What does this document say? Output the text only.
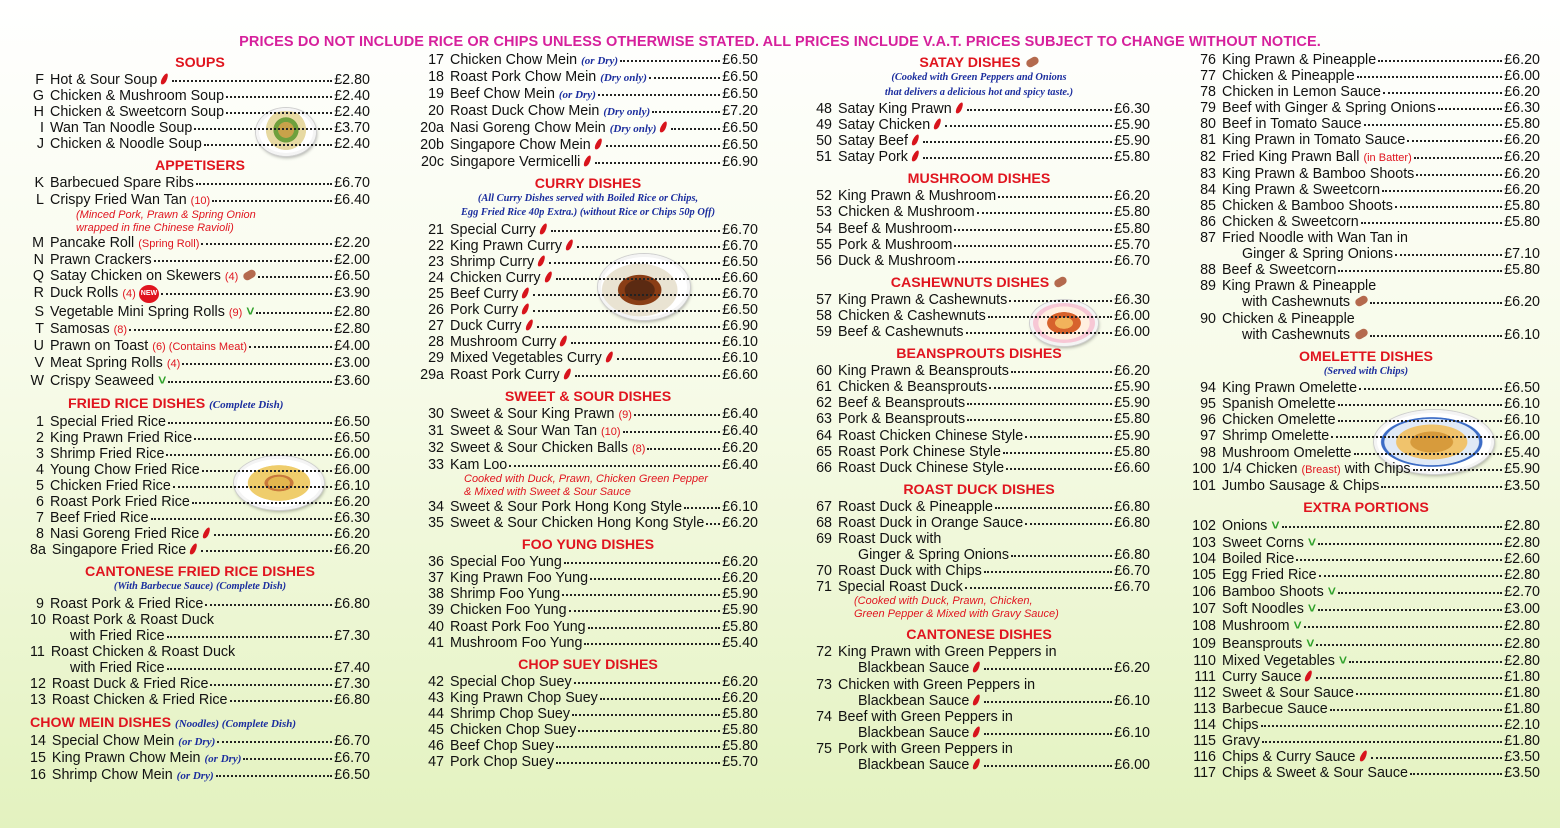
PRICES DO NOT INCLUDE RICE OR CHIPS UNLESS OTHERWISE STATED. ALL PRICES INCLUDE V.A.T. PRICES SUBJECT TO CHANGE WITHOUT NOTICE.
SOUPS
F Hot & Sour Soup	£2.80
G Chicken & Mushroom Soup	£2.40
H Chicken & Sweetcorn Soup	£2.40
I Wan Tan Noodle Soup	£3.70
J Chicken & Noodle Soup	£2.40
APPETISERS
K Barbecued Spare Ribs	£6.70
L Crispy Fried Wan Tan (10)	£6.40
(Minced Pork, Prawn & Spring Onion
wrapped in fine Chinese Ravioli)
M Pancake Roll (Spring Roll)	£2.20
N Prawn Crackers	£2.00
Q Satay Chicken on Skewers (4)	£6.50
R Duck Rolls (4) NEW	£3.90
S Vegetable Mini Spring Rolls (9) ˅	£2.80
T Samosas (8)	£2.80
U Prawn on Toast (6) (Contains Meat)	£4.00
V Meat Spring Rolls (4)	£3.00
W Crispy Seaweed ˅	£3.60
FRIED RICE DISHES (Complete Dish)
1 Special Fried Rice	£6.50
2 King Prawn Fried Rice	£6.50
3 Shrimp Fried Rice	£6.00
4 Young Chow Fried Rice	£6.00
5 Chicken Fried Rice	£6.10
6 Roast Pork Fried Rice	£6.20
7 Beef Fried Rice	£6.30
8 Nasi Goreng Fried Rice	£6.20
8a Singapore Fried Rice	£6.20
CANTONESE FRIED RICE DISHES
(With Barbecue Sauce) (Complete Dish)
9 Roast Pork & Fried Rice	£6.80
10 Roast Pork & Roast Duck
with Fried Rice	£7.30
11 Roast Chicken & Roast Duck
with Fried Rice	£7.40
12 Roast Duck & Fried Rice	£7.30
13 Roast Chicken & Fried Rice	£6.80
CHOW MEIN DISHES (Noodles) (Complete Dish)
14 Special Chow Mein (or Dry)	£6.70
15 King Prawn Chow Mein (or Dry)	£6.70
16 Shrimp Chow Mein (or Dry)	£6.50
17 Chicken Chow Mein (or Dry)	£6.50
18 Roast Pork Chow Mein (Dry only)	£6.50
19 Beef Chow Mein (or Dry)	£6.50
20 Roast Duck Chow Mein (Dry only)	£7.20
20a Nasi Goreng Chow Mein (Dry only)	£6.50
20b Singapore Chow Mein	£6.50
20c Singapore Vermicelli	£6.90
CURRY DISHES
(All Curry Dishes served with Boiled Rice or Chips,
Egg Fried Rice 40p Extra.) (without Rice or Chips 50p Off)
21 Special Curry	£6.70
22 King Prawn Curry	£6.70
23 Shrimp Curry	£6.50
24 Chicken Curry	£6.60
25 Beef Curry	£6.70
26 Pork Curry	£6.50
27 Duck Curry	£6.90
28 Mushroom Curry	£6.10
29 Mixed Vegetables Curry	£6.10
29a Roast Pork Curry	£6.60
SWEET & SOUR DISHES
30 Sweet & Sour King Prawn (9)	£6.40
31 Sweet & Sour Wan Tan (10)	£6.40
32 Sweet & Sour Chicken Balls (8)	£6.20
33 Kam Loo	£6.40
Cooked with Duck, Prawn, Chicken Green Pepper
& Mixed with Sweet & Sour Sauce
34 Sweet & Sour Pork Hong Kong Style	£6.10
35 Sweet & Sour Chicken Hong Kong Style £6.20
FOO YUNG DISHES
36 Special Foo Yung	£6.20
37 King Prawn Foo Yung	£6.20
38 Shrimp Foo Yung	£5.90
39 Chicken Foo Yung	£5.90
40 Roast Pork Foo Yung	£5.80
41 Mushroom Foo Yung	£5.40
CHOP SUEY DISHES
42 Special Chop Suey	£6.20
43 King Prawn Chop Suey	£6.20
44 Shrimp Chop Suey	£5.80
45 Chicken Chop Suey	£5.80
46 Beef Chop Suey	£5.80
47 Pork Chop Suey	£5.70
SATAY DISHES
(Cooked with Green Peppers and Onions
that delivers a delicious hot and spicy taste.)
48 Satay King Prawn	£6.30
49 Satay Chicken	£5.90
50 Satay Beef	£5.90
51 Satay Pork	£5.80
MUSHROOM DISHES
52 King Prawn & Mushroom	£6.20
53 Chicken & Mushroom	£5.80
54 Beef & Mushroom	£5.80
55 Pork & Mushroom	£5.70
56 Duck & Mushroom	£6.70
CASHEWNUTS DISHES
57 King Prawn & Cashewnuts	£6.30
58 Chicken & Cashewnuts	£6.00
59 Beef & Cashewnuts	£6.00
BEANSPROUTS DISHES
60 King Prawn & Beansprouts	£6.20
61 Chicken & Beansprouts	£5.90
62 Beef & Beansprouts	£5.90
63 Pork & Beansprouts	£5.80
64 Roast Chicken Chinese Style	£5.90
65 Roast Pork Chinese Style	£5.80
66 Roast Duck Chinese Style	£6.60
ROAST DUCK DISHES
67 Roast Duck & Pineapple	£6.80
68 Roast Duck in Orange Sauce	£6.80
69 Roast Duck with
Ginger & Spring Onions	£6.80
70 Roast Duck with Chips	£6.70
71 Special Roast Duck	£6.70
(Cooked with Duck, Prawn, Chicken,
Green Pepper & Mixed with Gravy Sauce)
CANTONESE DISHES
72 King Prawn with Green Peppers in
Blackbean Sauce	£6.20
73 Chicken with Green Peppers in
Blackbean Sauce	£6.10
74 Beef with Green Peppers in
Blackbean Sauce	£6.10
75 Pork with Green Peppers in
Blackbean Sauce	£6.00
76 King Prawn & Pineapple	£6.20
77 Chicken & Pineapple	£6.00
78 Chicken in Lemon Sauce	£6.20
79 Beef with Ginger & Spring Onions	£6.30
80 Beef in Tomato Sauce	£5.80
81 King Prawn in Tomato Sauce	£6.20
82 Fried King Prawn Ball (in Batter)	£6.20
83 King Prawn & Bamboo Shoots	£6.20
84 King Prawn & Sweetcorn	£6.20
85 Chicken & Bamboo Shoots	£5.80
86 Chicken & Sweetcorn	£5.80
87 Fried Noodle with Wan Tan in
Ginger & Spring Onions	£7.10
88 Beef & Sweetcorn	£5.80
89 King Prawn & Pineapple
with Cashewnuts	£6.20
90 Chicken & Pineapple
with Cashewnuts	£6.10
OMELETTE DISHES
(Served with Chips)
94 King Prawn Omelette	£6.50
95 Spanish Omelette	£6.10
96 Chicken Omelette	£6.10
97 Shrimp Omelette	£6.00
98 Mushroom Omelette	£5.40
100 1/4 Chicken (Breast) with Chips	£5.90
101 Jumbo Sausage & Chips	£3.50
EXTRA PORTIONS
102 Onions ˅	£2.80
103 Sweet Corns ˅	£2.80
104 Boiled Rice	£2.60
105 Egg Fried Rice	£2.80
106 Bamboo Shoots ˅	£2.70
107 Soft Noodles ˅	£3.00
108 Mushroom ˅	£2.80
109 Beansprouts ˅	£2.80
110 Mixed Vegetables ˅	£2.80
111 Curry Sauce	£1.80
112 Sweet & Sour Sauce	£1.80
113 Barbecue Sauce	£1.80
114 Chips	£2.10
115 Gravy	£1.80
116 Chips & Curry Sauce	£3.50
117 Chips & Sweet & Sour Sauce	£3.50
